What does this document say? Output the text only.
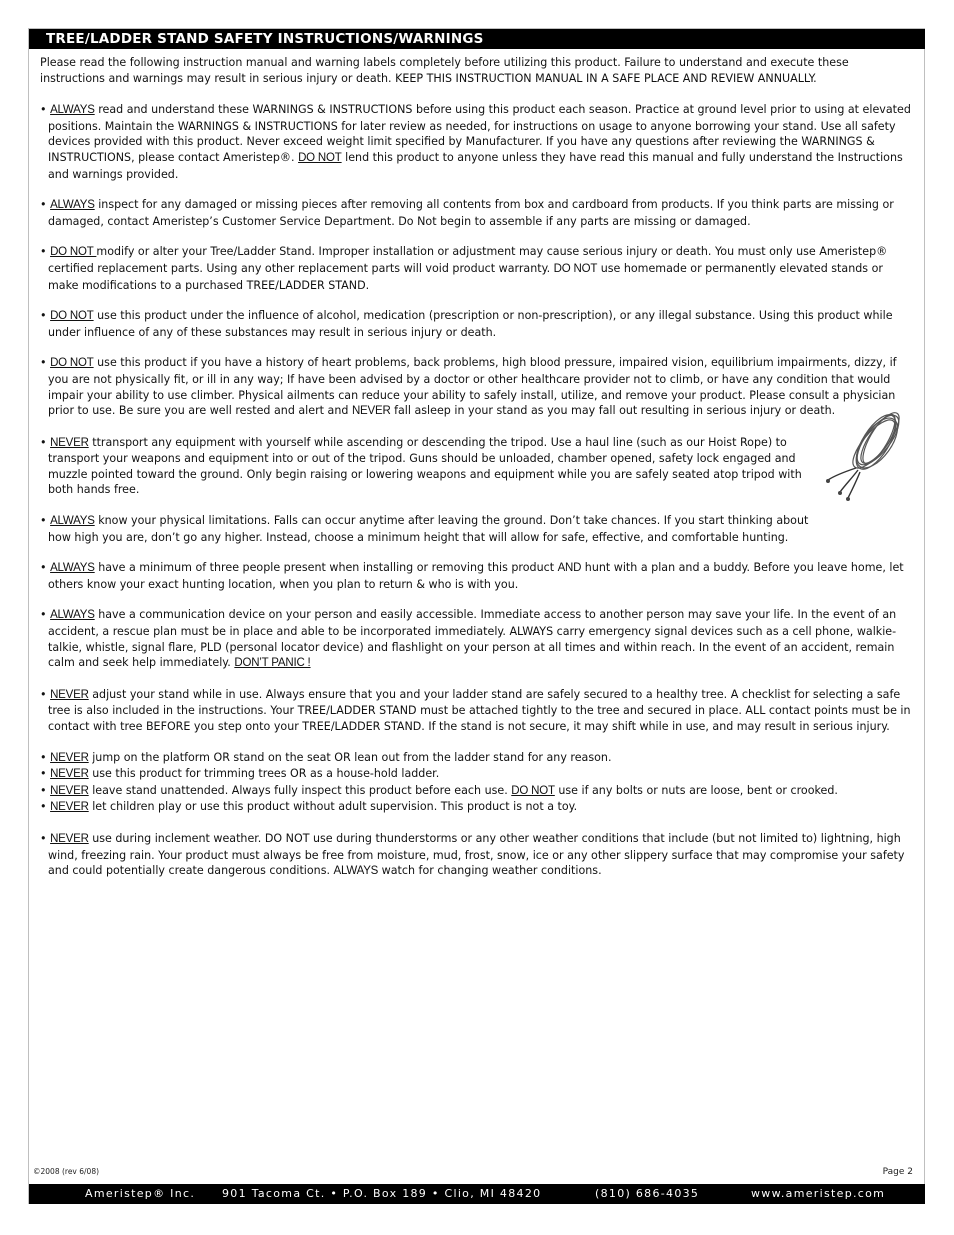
TREE/LADDER STAND SAFETY INSTRUCTIONS/WARNINGS

Please read the following instruction manual and warning labels completely before utilizing this product. Failure to understand and execute these instructions and warnings may result in serious injury or death. KEEP THIS INSTRUCTION MANUAL IN A SAFE PLACE AND REVIEW ANNUALLY.

• ALWAYS read and understand these WARNINGS & INSTRUCTIONS before using this product each season. Practice at ground level prior to using at elevated positions. Maintain the WARNINGS & INSTRUCTIONS for later review as needed, for instructions on usage to anyone borrowing your stand. Use all safety devices provided with this product. Never exceed weight limit specified by Manufacturer. If you have any questions after reviewing the WARNINGS & INSTRUCTIONS, please contact Ameristep®. DO NOT lend this product to anyone unless they have read this manual and fully understand the Instructions and warnings provided.

• ALWAYS inspect for any damaged or missing pieces after removing all contents from box and cardboard from products. If you think parts are missing or damaged, contact Ameristep’s Customer Service Department. Do Not begin to assemble if any parts are missing or damaged.

• DO NOT modify or alter your Tree/Ladder Stand. Improper installation or adjustment may cause serious injury or death. You must only use Ameristep® certified replacement parts. Using any other replacement parts will void product warranty. DO NOT use homemade or permanently elevated stands or make modifications to a purchased TREE/LADDER STAND.

• DO NOT use this product under the influence of alcohol, medication (prescription or non-prescription), or any illegal substance. Using this product while under influence of any of these substances may result in serious injury or death.

• DO NOT use this product if you have a history of heart problems, back problems, high blood pressure, impaired vision, equilibrium impairments, dizzy, if you are not physically fit, or ill in any way; If have been advised by a doctor or other healthcare provider not to climb, or have any condition that would impair your ability to use climber. Physical ailments can reduce your ability to safely install, utilize, and remove your product. Please consult a physician prior to use. Be sure you are well rested and alert and NEVER fall asleep in your stand as you may fall out resulting in serious injury or death.

• NEVER ttransport any equipment with yourself while ascending or descending the tripod. Use a haul line (such as our Hoist Rope) to transport your weapons and equipment into or out of the tripod. Guns should be unloaded, chamber opened, safety lock engaged and muzzle pointed toward the ground. Only begin raising or lowering weapons and equipment while you are safely seated atop tripod with both hands free.

• ALWAYS know your physical limitations. Falls can occur anytime after leaving the ground. Don’t take chances. If you start thinking about how high you are, don’t go any higher. Instead, choose a minimum height that will allow for safe, effective, and comfortable hunting.

• ALWAYS have a minimum of three people present when installing or removing this product AND hunt with a plan and a buddy. Before you leave home, let others know your exact hunting location, when you plan to return & who is with you.

• ALWAYS have a communication device on your person and easily accessible. Immediate access to another person may save your life. In the event of an accident, a rescue plan must be in place and able to be incorporated immediately. ALWAYS carry emergency signal devices such as a cell phone, walkie-talkie, whistle, signal flare, PLD (personal locator device) and flashlight on your person at all times and within reach. In the event of an accident, remain calm and seek help immediately. DON’T PANIC !

• NEVER adjust your stand while in use. Always ensure that you and your ladder stand are safely secured to a healthy tree. A checklist for selecting a safe tree is also included in the instructions. Your TREE/LADDER STAND must be attached tightly to the tree and secured in place. ALL contact points must be in contact with tree BEFORE you step onto your TREE/LADDER STAND. If the stand is not secure, it may shift while in use, and may result in serious injury.

• NEVER jump on the platform OR stand on the seat OR lean out from the ladder stand for any reason.

• NEVER use this product for trimming trees OR as a house-hold ladder.

• NEVER leave stand unattended. Always fully inspect this product before each use. DO NOT use if any bolts or nuts are loose, bent or crooked.

• NEVER let children play or use this product without adult supervision. This product is not a toy.

• NEVER use during inclement weather. DO NOT use during thunderstorms or any other weather conditions that include (but not limited to) lightning, high wind, freezing rain. Your product must always be free from moisture, mud, frost, snow, ice or any other slippery surface that may compromise your safety and could potentially create dangerous conditions. ALWAYS watch for changing weather conditions.

©2008 (rev 6/08)	Page 2
Ameristep® Inc. 901 Tacoma Ct. • P.O. Box 189 • Clio, MI 48420	(810) 686-4035	www.ameristep.com
